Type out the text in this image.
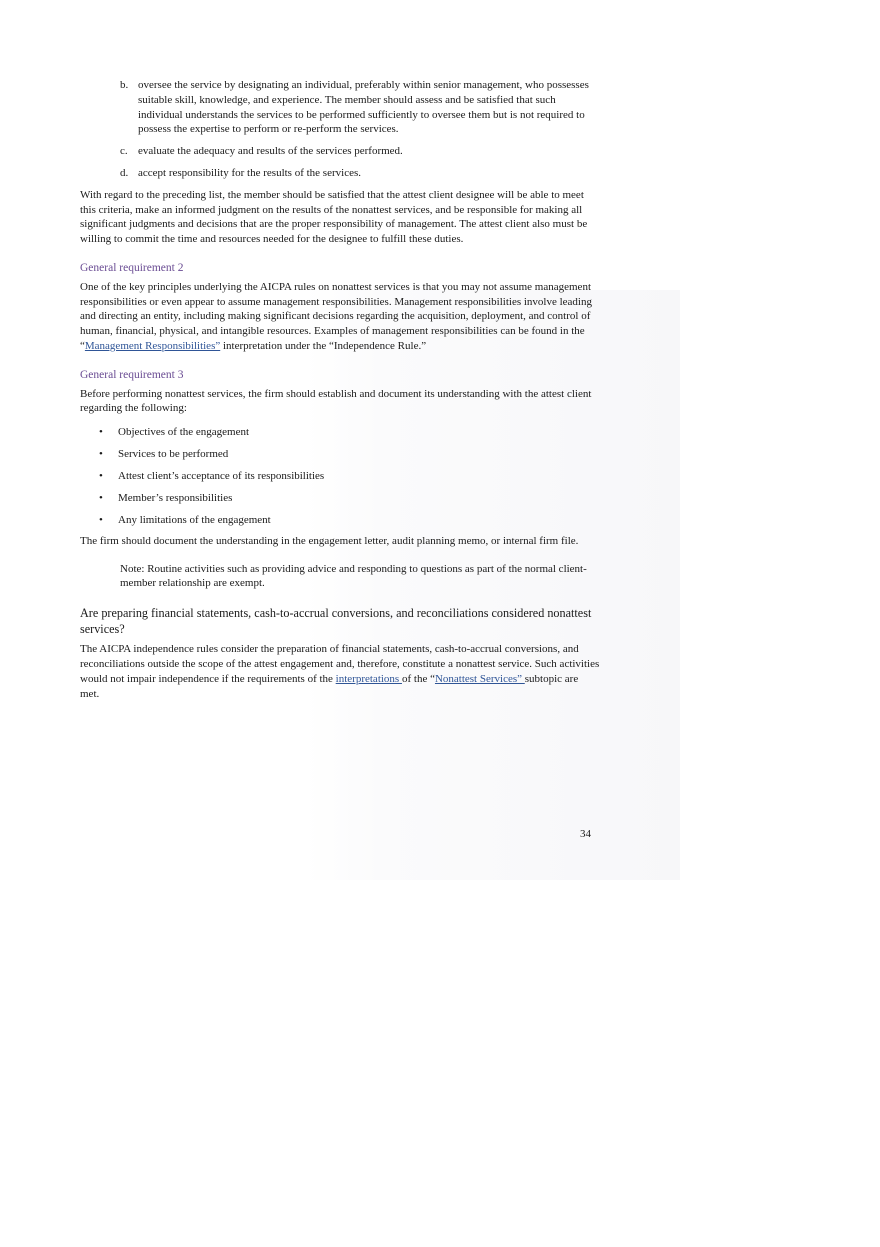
b. oversee the service by designating an individual, preferably within senior management, who possesses suitable skill, knowledge, and experience. The member should assess and be satisfied that such individual understands the services to be performed sufficiently to oversee them but is not required to possess the expertise to perform or re-perform the services.

c. evaluate the adequacy and results of the services performed.

d. accept responsibility for the results of the services.

With regard to the preceding list, the member should be satisfied that the attest client designee will be able to meet this criteria, make an informed judgment on the results of the nonattest services, and be responsible for making all significant judgments and decisions that are the proper responsibility of management. The attest client also must be willing to commit the time and resources needed for the designee to fulfill these duties.

General requirement 2

One of the key principles underlying the AICPA rules on nonattest services is that you may not assume management responsibilities or even appear to assume management responsibilities. Management responsibilities involve leading and directing an entity, including making significant decisions regarding the acquisition, deployment, and control of human, financial, physical, and intangible resources. Examples of management responsibilities can be found in the “Management Responsibilities” interpretation under the “Independence Rule.”

General requirement 3

Before performing nonattest services, the firm should establish and document its understanding with the attest client regarding the following:

• Objectives of the engagement
• Services to be performed
• Attest client’s acceptance of its responsibilities
• Member’s responsibilities
• Any limitations of the engagement

The firm should document the understanding in the engagement letter, audit planning memo, or internal firm file.

Note: Routine activities such as providing advice and responding to questions as part of the normal client-member relationship are exempt.

Are preparing financial statements, cash-to-accrual conversions, and reconciliations considered nonattest services?

The AICPA independence rules consider the preparation of financial statements, cash-to-accrual conversions, and reconciliations outside the scope of the attest engagement and, therefore, constitute a nonattest service. Such activities would not impair independence if the requirements of the interpretations of the “Nonattest Services” subtopic are met.

34
